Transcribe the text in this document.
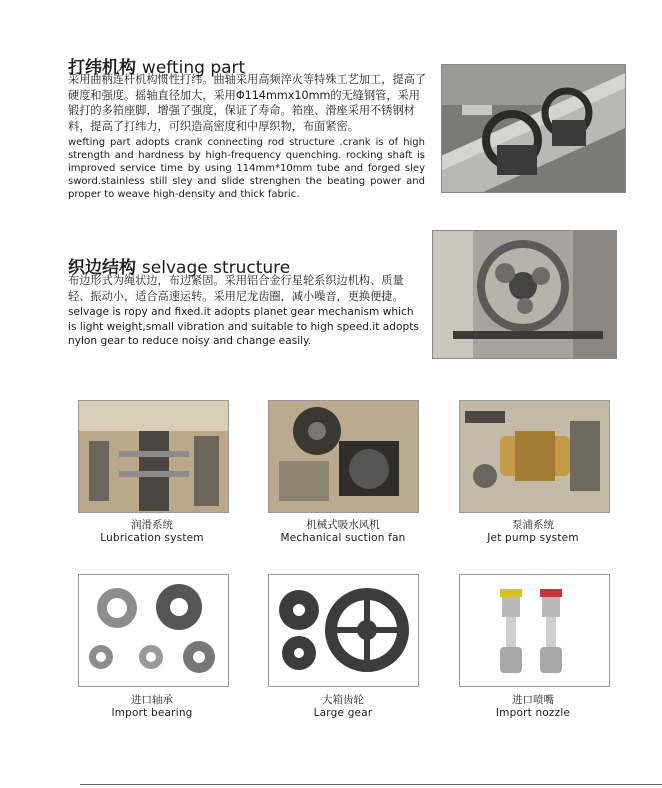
打纬机构 wefting part
采用曲柄连杆机构惯性打纬。曲轴采用高频淬火等特殊工艺加工，提高了硬度和强度。摇轴直径加大，采用Φ114mmx10mm的无缝钢管，采用锻打的多筘座脚，增强了强度，保证了寿命。筘座、滑座采用不锈钢材料，提高了打纬力，可织造高密度和中厚织物，布面紧密。
wefting part adopts crank connecting rod structure .crank is of high strength and hardness by high-frequency quenching. rocking shaft is improved service time by using 114mm*10mm tube and forged sley sword.stainless still sley and slide strenghen the beating power and proper to weave high-density and thick fabric.
织边结构 selvage structure
布边形式为绳状边，布边紧固。采用铝合金行星轮系织边机构、质量轻、振动小，适合高速运转。采用尼龙齿圈，减小噪音，更换便捷。
selvage is ropy and fixed.it adopts planet gear mechanism which is light weight,small vibration and suitable to high speed.it adopts nylon gear to reduce noisy and change easily.
润滑系统
Lubrication system
机械式吸水风机
Mechanical suction fan
泵浦系统
Jet pump system
进口轴承
Import bearing
大箱齿轮
Large gear
进口喷嘴
Import nozzle
